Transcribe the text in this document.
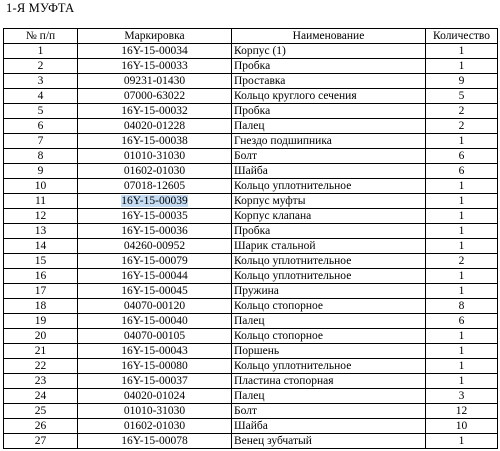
1-Я МУФТА
№ п/п	Маркировка	Наименование	Количество
1	16Y-15-00034	Корпус (1)	1
2	16Y-15-00033	Пробка	1
3	09231-01430	Проставка	9
4	07000-63022	Кольцо круглого сечения	5
5	16Y-15-00032	Пробка	2
6	04020-01228	Палец	2
7	16Y-15-00038	Гнездо подшипника	1
8	01010-31030	Болт	6
9	01602-01030	Шайба	6
10	07018-12605	Кольцо уплотнительное	1
11	16Y-15-00039	Корпус муфты	1
12	16Y-15-00035	Корпус клапана	1
13	16Y-15-00036	Пробка	1
14	04260-00952	Шарик стальной	1
15	16Y-15-00079	Кольцо уплотнительное	2
16	16Y-15-00044	Кольцо уплотнительное	1
17	16Y-15-00045	Пружина	1
18	04070-00120	Кольцо стопорное	8
19	16Y-15-00040	Палец	6
20	04070-00105	Кольцо стопорное	1
21	16Y-15-00043	Поршень	1
22	16Y-15-00080	Кольцо уплотнительное	1
23	16Y-15-00037	Пластина стопорная	1
24	04020-01024	Палец	3
25	01010-31030	Болт	12
26	01602-01030	Шайба	10
27	16Y-15-00078	Венец зубчатый	1
